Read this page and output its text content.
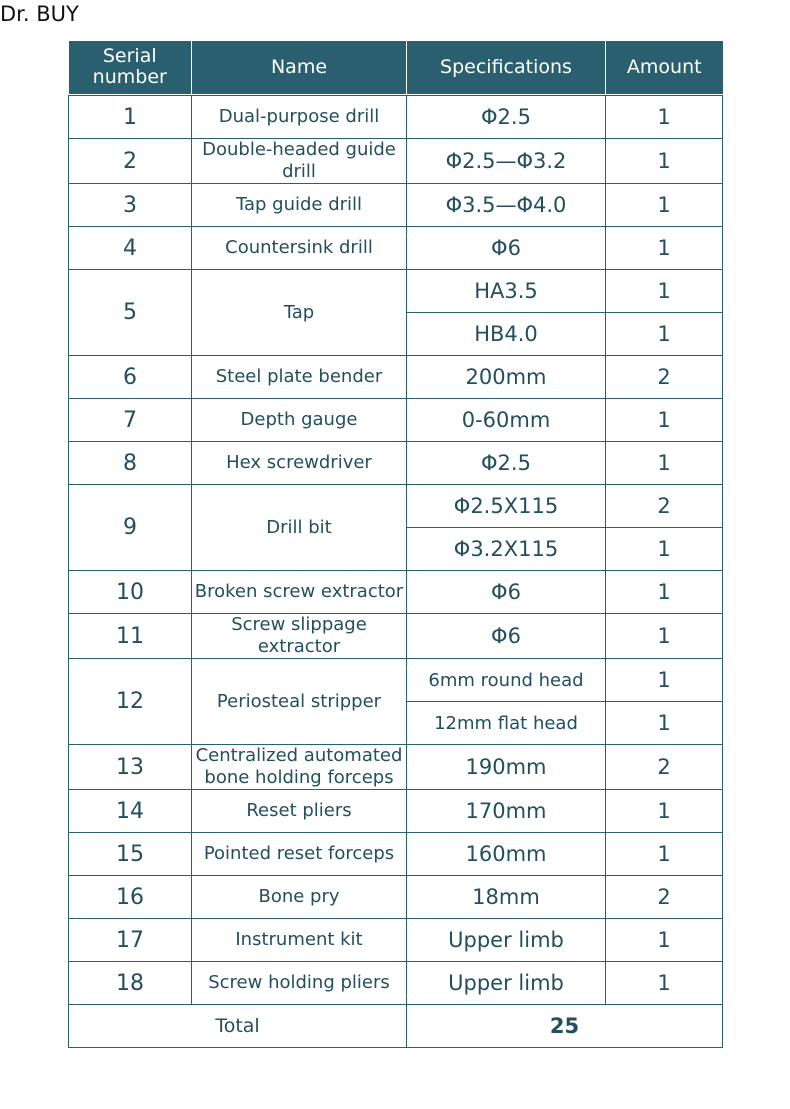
Dr. BUY
Serial number	Name	Specifications	Amount

1	Dual-purpose drill	Φ2.5	1
2	Double-headed guide drill	Φ2.5—Φ3.2	1
3	Tap guide drill	Φ3.5—Φ4.0	1
4	Countersink drill	Φ6	1
5	Tap	HA3.5	1
		HB4.0	1
6	Steel plate bender	200mm	2
7	Depth gauge	0-60mm	1
8	Hex screwdriver	Φ2.5	1
9	Drill bit	Φ2.5X115	2
		Φ3.2X115	1
10	Broken screw extractor	Φ6	1
11	Screw slippage extractor	Φ6	1
12	Periosteal stripper	6mm round head	1
		12mm flat head	1
13	Centralized automated bone holding forceps	190mm	2
14	Reset pliers	170mm	1
15	Pointed reset forceps	160mm	1
16	Bone pry	18mm	2
17	Instrument kit	Upper limb	1
18	Screw holding pliers	Upper limb	1
Total		25	
